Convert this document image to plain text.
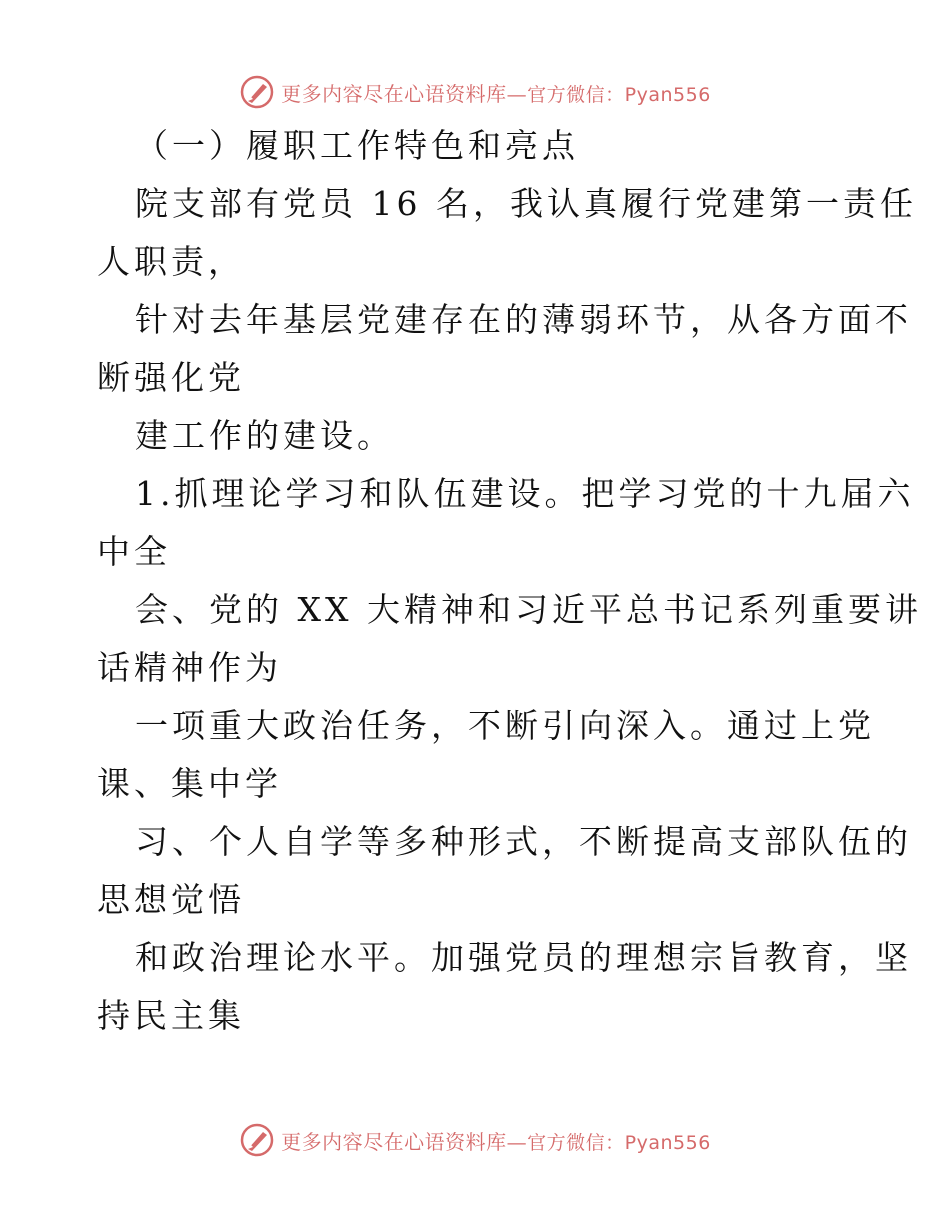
更多内容尽在心语资料库—官方微信：Pyan556
（一）履职工作特色和亮点
院支部有党员 16 名，我认真履行党建第一责任
人职责，
针对去年基层党建存在的薄弱环节，从各方面不
断强化党
建工作的建设。
1.抓理论学习和队伍建设。把学习党的十九届六
中全
会、党的 XX 大精神和习近平总书记系列重要讲
话精神作为
一项重大政治任务，不断引向深入。通过上党
课、集中学
习、个人自学等多种形式，不断提高支部队伍的
思想觉悟
和政治理论水平。加强党员的理想宗旨教育，坚
持民主集
更多内容尽在心语资料库—官方微信：Pyan556
